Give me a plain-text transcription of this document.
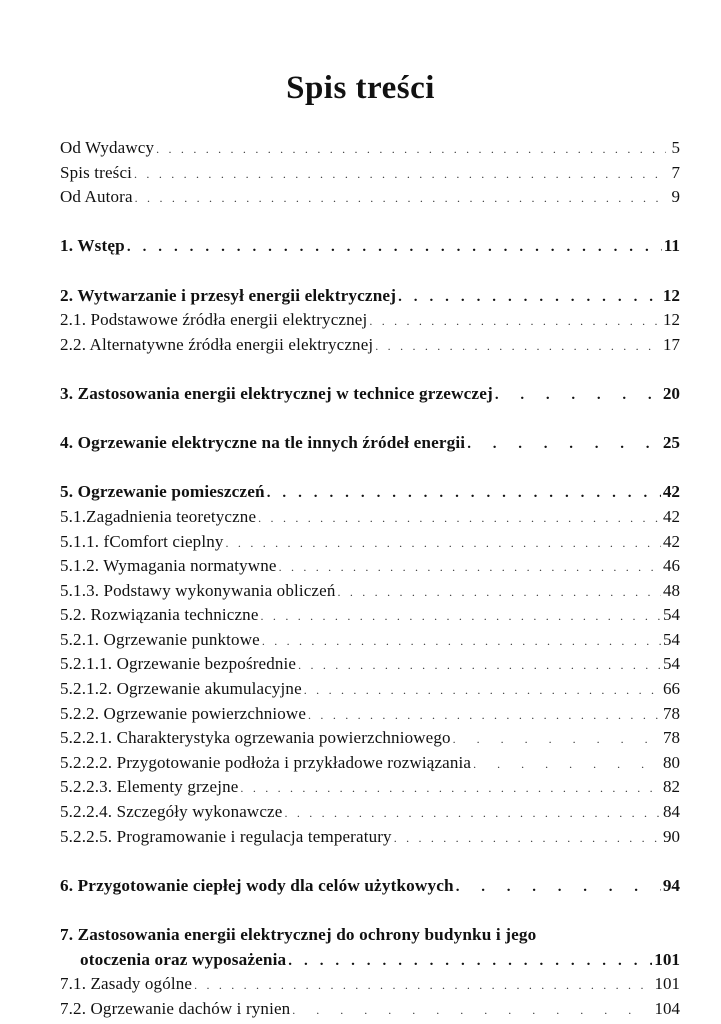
Spis treści
Od Wydawcy . . .	5
Spis treści . . .	7
Od Autora . . .	9
1. Wstęp . . .	11
2. Wytwarzanie i przesył energii elektrycznej . . .	12
2.1. Podstawowe źródła energii elektrycznej . . .	12
2.2. Alternatywne źródła energii elektrycznej . . .	17
3. Zastosowania energii elektrycznej w technice grzewczej . . .	20
4. Ogrzewanie elektryczne na tle innych źródeł energii . . .	25
5. Ogrzewanie pomieszczeń . . .	42
5.1.Zagadnienia teoretyczne . . .	42
5.1.1. fComfort cieplny . . .	42
5.1.2. Wymagania normatywne . . .	46
5.1.3. Podstawy wykonywania obliczeń . . .	48
5.2. Rozwiązania techniczne . . .	54
5.2.1. Ogrzewanie punktowe . . .	54
5.2.1.1. Ogrzewanie bezpośrednie . . .	54
5.2.1.2. Ogrzewanie akumulacyjne . . .	66
5.2.2. Ogrzewanie powierzchniowe . . .	78
5.2.2.1. Charakterystyka ogrzewania powierzchniowego . . .	78
5.2.2.2. Przygotowanie podłoża i przykładowe rozwiązania . . .	80
5.2.2.3. Elementy grzejne . . .	82
5.2.2.4. Szczegóły wykonawcze . . .	84
5.2.2.5. Programowanie i regulacja temperatury . . .	90
6. Przygotowanie ciepłej wody dla celów użytkowych . . .	94
7. Zastosowania energii elektrycznej do ochrony budynku i jego
otoczenia oraz wyposażenia . . .	101
7.1. Zasady ogólne . . .	101
7.2. Ogrzewanie dachów i rynien . . .	104
